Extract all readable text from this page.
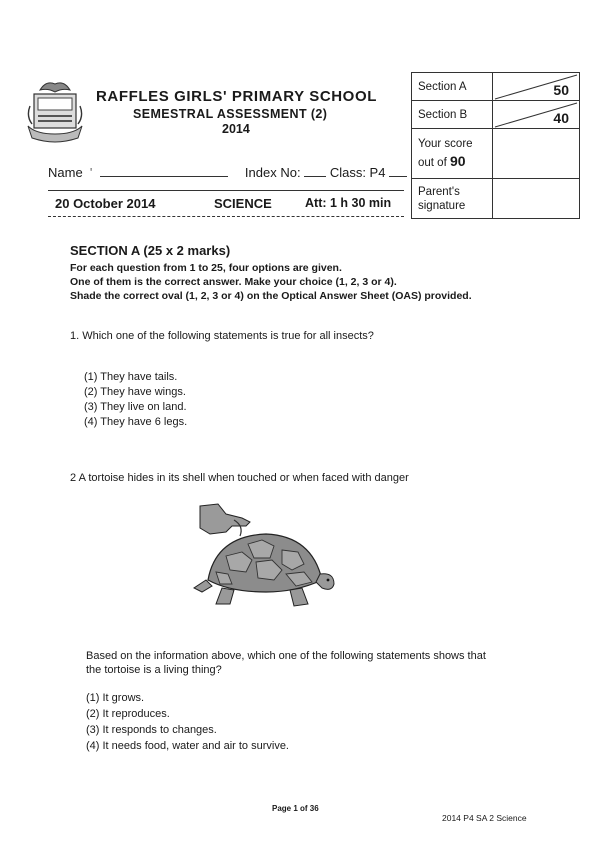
RAFFLES GIRLS' PRIMARY SCHOOL
SEMESTRAL ASSESSMENT (2)
2014
Name  '	Index No: Class: P4
20 October 2014	SCIENCE	Att: 1 h 30 min
Section A	50

Section B	40

Your score
out of 90	

Parent's
signature	

SECTION A (25 x 2 marks)
For each question from 1 to 25, four options are given.
One of them is the correct answer. Make your choice (1, 2, 3 or 4).
Shade the correct oval (1, 2, 3 or 4) on the Optical Answer Sheet (OAS) provided.
1. Which one of the following statements is true for all insects?
(1) They have tails.
(2) They have wings.
(3) They live on land.
(4) They have 6 legs.
2 A tortoise hides in its shell when touched or when faced with danger
Based on the information above, which one of the following statements shows that
the tortoise is a living thing?
(1) It grows.
(2) It reproduces.
(3) It responds to changes.
(4) It needs food, water and air to survive.
Page 1 of 36
2014 P4 SA 2 Science
